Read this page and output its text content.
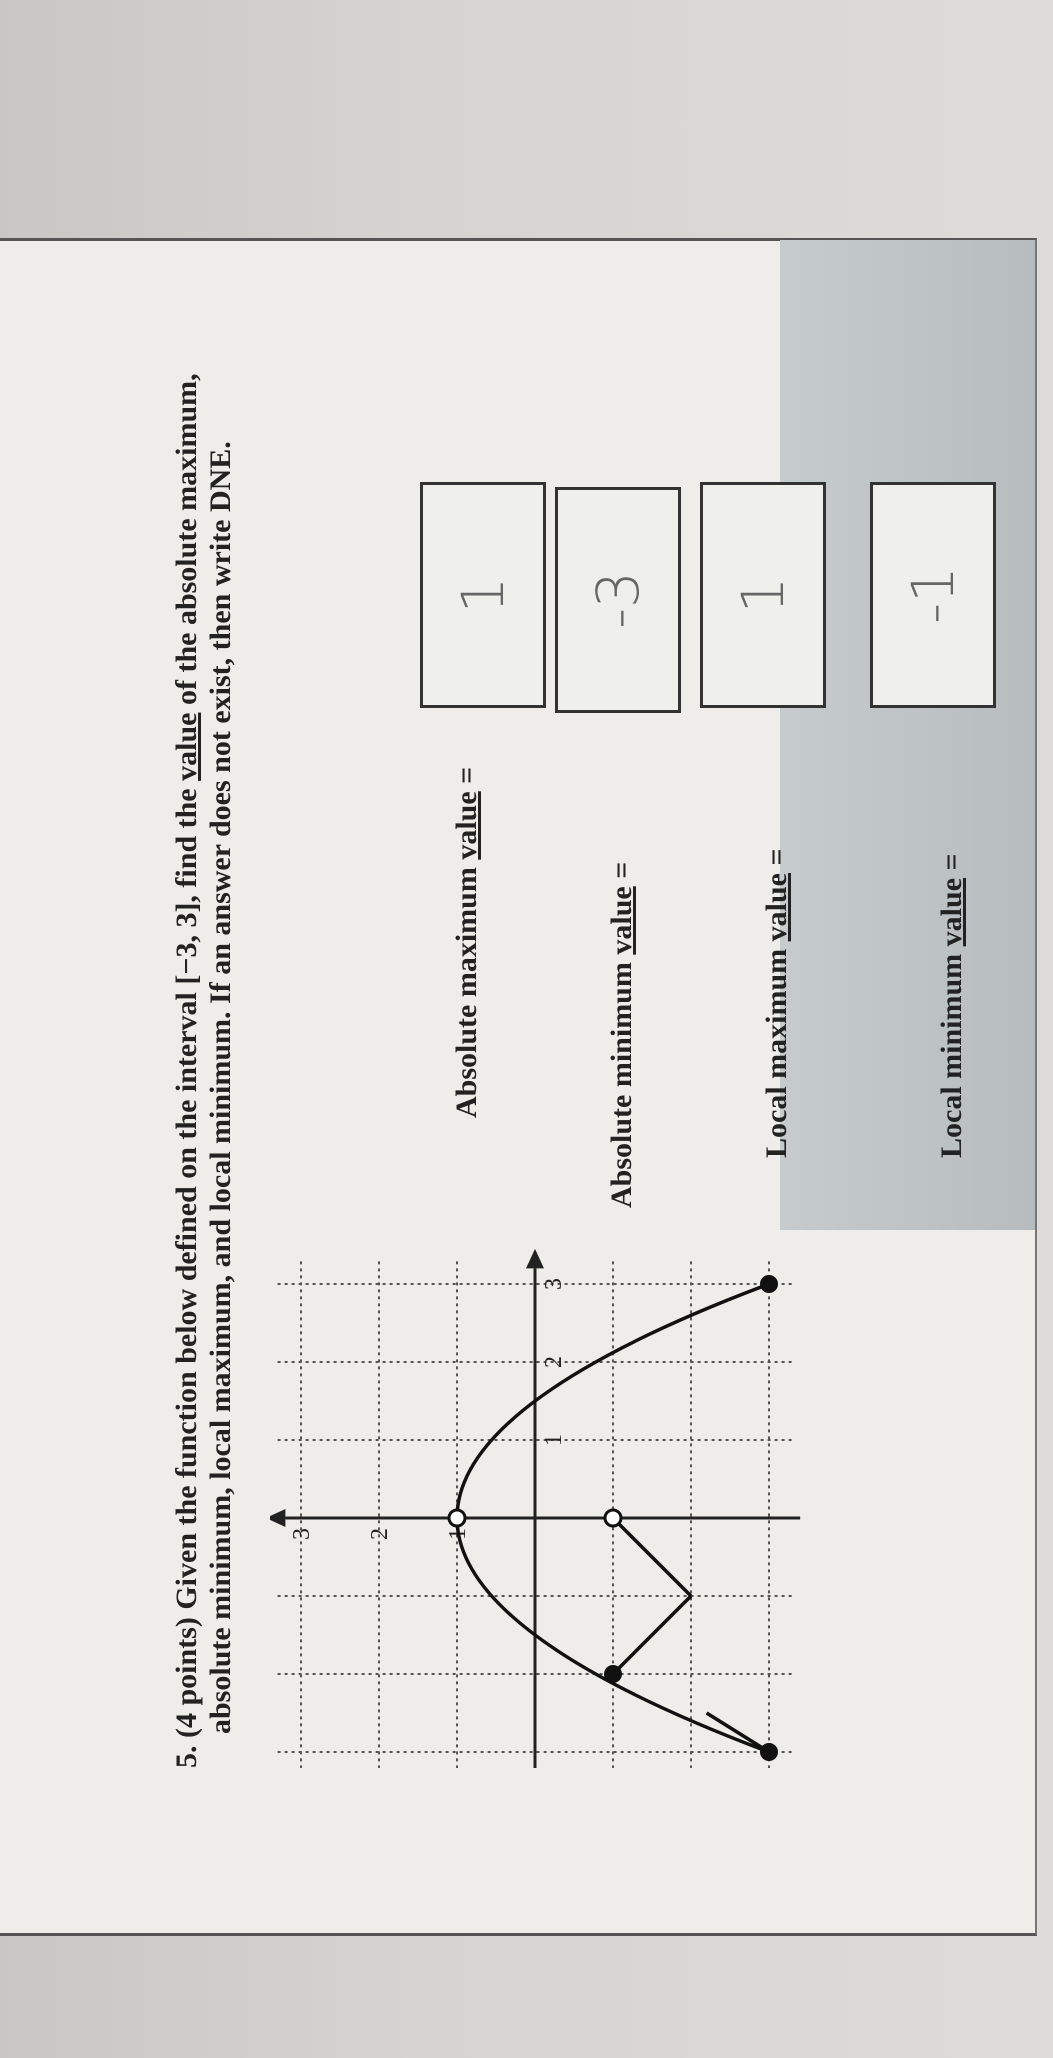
5. (4 points) Given the function below defined on the interval [−3, 3], find the value of the absolute maximum, absolute minimum, local maximum, and local minimum. If an answer does not exist, then write DNE.	1
2
3
1
2
3
Absolute maximum value =
1
Absolute minimum value =
-3
Local maximum value =
1
Local minimum value =
-1
